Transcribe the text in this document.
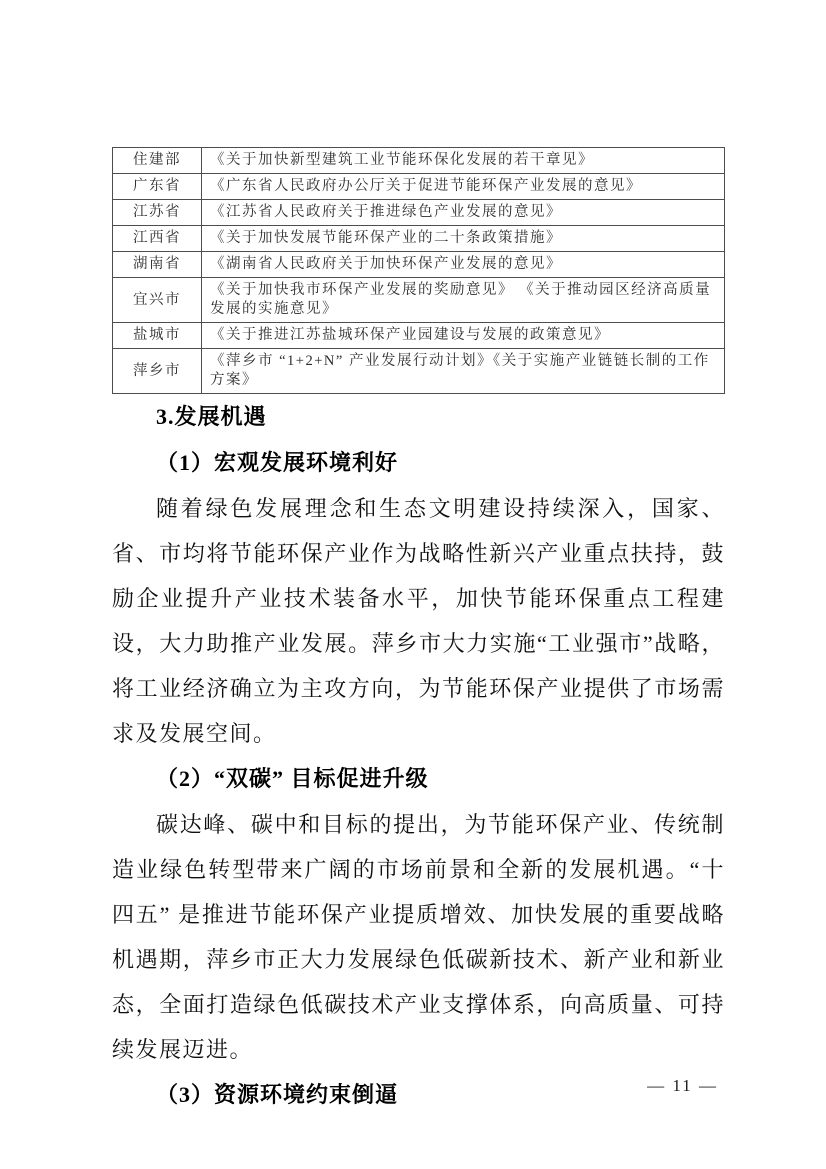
住建部	《关于加快新型建筑工业节能环保化发展的若干章见》
广东省	《广东省人民政府办公厅关于促进节能环保产业发展的意见》
江苏省	《江苏省人民政府关于推进绿色产业发展的意见》
江西省	《关于加快发展节能环保产业的二十条政策措施》
湖南省	《湖南省人民政府关于加快环保产业发展的意见》
宜兴市	《关于加快我市环保产业发展的奖励意见》 《关于推动园区经济高质量发展的实施意见》
盐城市	《关于推进江苏盐城环保产业园建设与发展的政策意见》
萍乡市	《萍乡市 “1+2+N” 产业发展行动计划》《关于实施产业链链长制的工作方案》
3.发展机遇
（1）宏观发展环境利好

随着绿色发展理念和生态文明建设持续深入，国家、省、市均将节能环保产业作为战略性新兴产业重点扶持，鼓励企业提升产业技术装备水平，加快节能环保重点工程建设，大力助推产业发展。萍乡市大力实施“工业强市”战略，将工业经济确立为主攻方向，为节能环保产业提供了市场需求及发展空间。

（2）“双碳” 目标促进升级

碳达峰、碳中和目标的提出，为节能环保产业、传统制造业绿色转型带来广阔的市场前景和全新的发展机遇。“十四五” 是推进节能环保产业提质增效、加快发展的重要战略机遇期，萍乡市正大力发展绿色低碳新技术、新产业和新业态，全面打造绿色低碳技术产业支撑体系，向高质量、可持续发展迈进。

（3）资源环境约束倒逼	— 11 —
